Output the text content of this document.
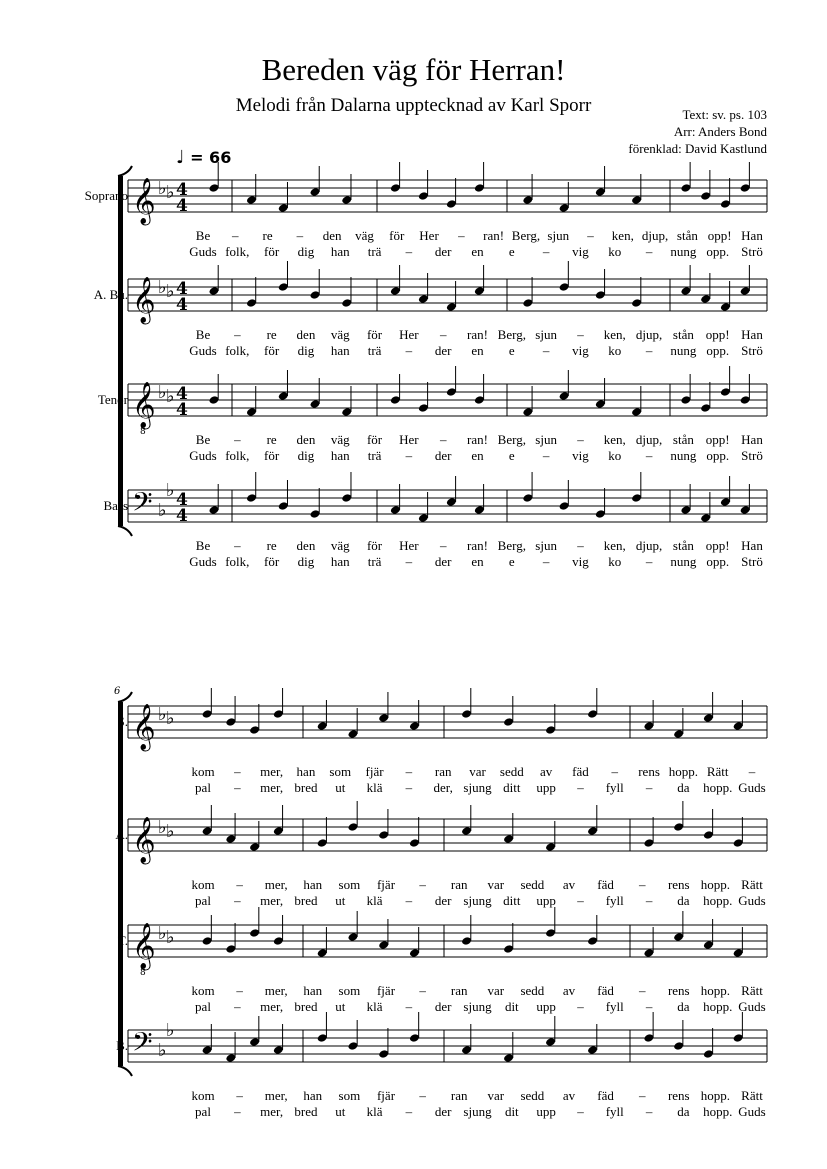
Bereden väg för Herran!
Melodi från Dalarna upptecknad av Karl Sporr	Text: sv. ps. 103
Arr: Anders Bond
förenklad: David Kastlund
♩ = 66
𝄞 ♭ ♭ 4
4
𝄞 ♭ ♭ 4
4
𝄞
8
♭ ♭ 4
4
𝄢 ♭
♭ 4
4
6
𝄞 ♭ ♭
𝄞 ♭ ♭
𝄞
8
♭ ♭
𝄢 ♭
♭
Soprano
Be – re – den väg för Her – ran! Berg, sjun – ken, djup, stån opp! Han
Guds folk, för dig han trä – der en e – vig ko – nung opp. Strö
A. Bu.
Be – re den väg för Her – ran! Berg, sjun – ken, djup, stån opp! Han
Guds folk, för dig han trä – der en e – vig ko – nung opp. Strö
Tenor
Be – re den väg för Her – ran! Berg, sjun – ken, djup, stån opp! Han
Guds folk, för dig han trä – der en e – vig ko – nung opp. Strö
Bass
Be – re den väg för Her – ran! Berg, sjun – ken, djup, stån opp! Han
Guds folk, för dig han trä – der en e – vig ko – nung opp. Strö
S.
kom – mer, han som fjär – ran var sedd av fäd – rens hopp. Rätt –
pal – mer, bred ut klä – der, sjung ditt upp – fyll – da hopp. Guds
A.
kom – mer, han som fjär – ran var sedd av fäd – rens hopp. Rätt
pal – mer, bred ut klä – der sjung ditt upp – fyll – da hopp. Guds
T.
kom – mer, han som fjär – ran var sedd av fäd – rens hopp. Rätt
pal – mer, bred ut klä – der sjung dit upp – fyll – da hopp. Guds
B.
kom – mer, han som fjär – ran var sedd av fäd – rens hopp. Rätt
pal – mer, bred ut klä – der sjung dit upp – fyll – da hopp. Guds
